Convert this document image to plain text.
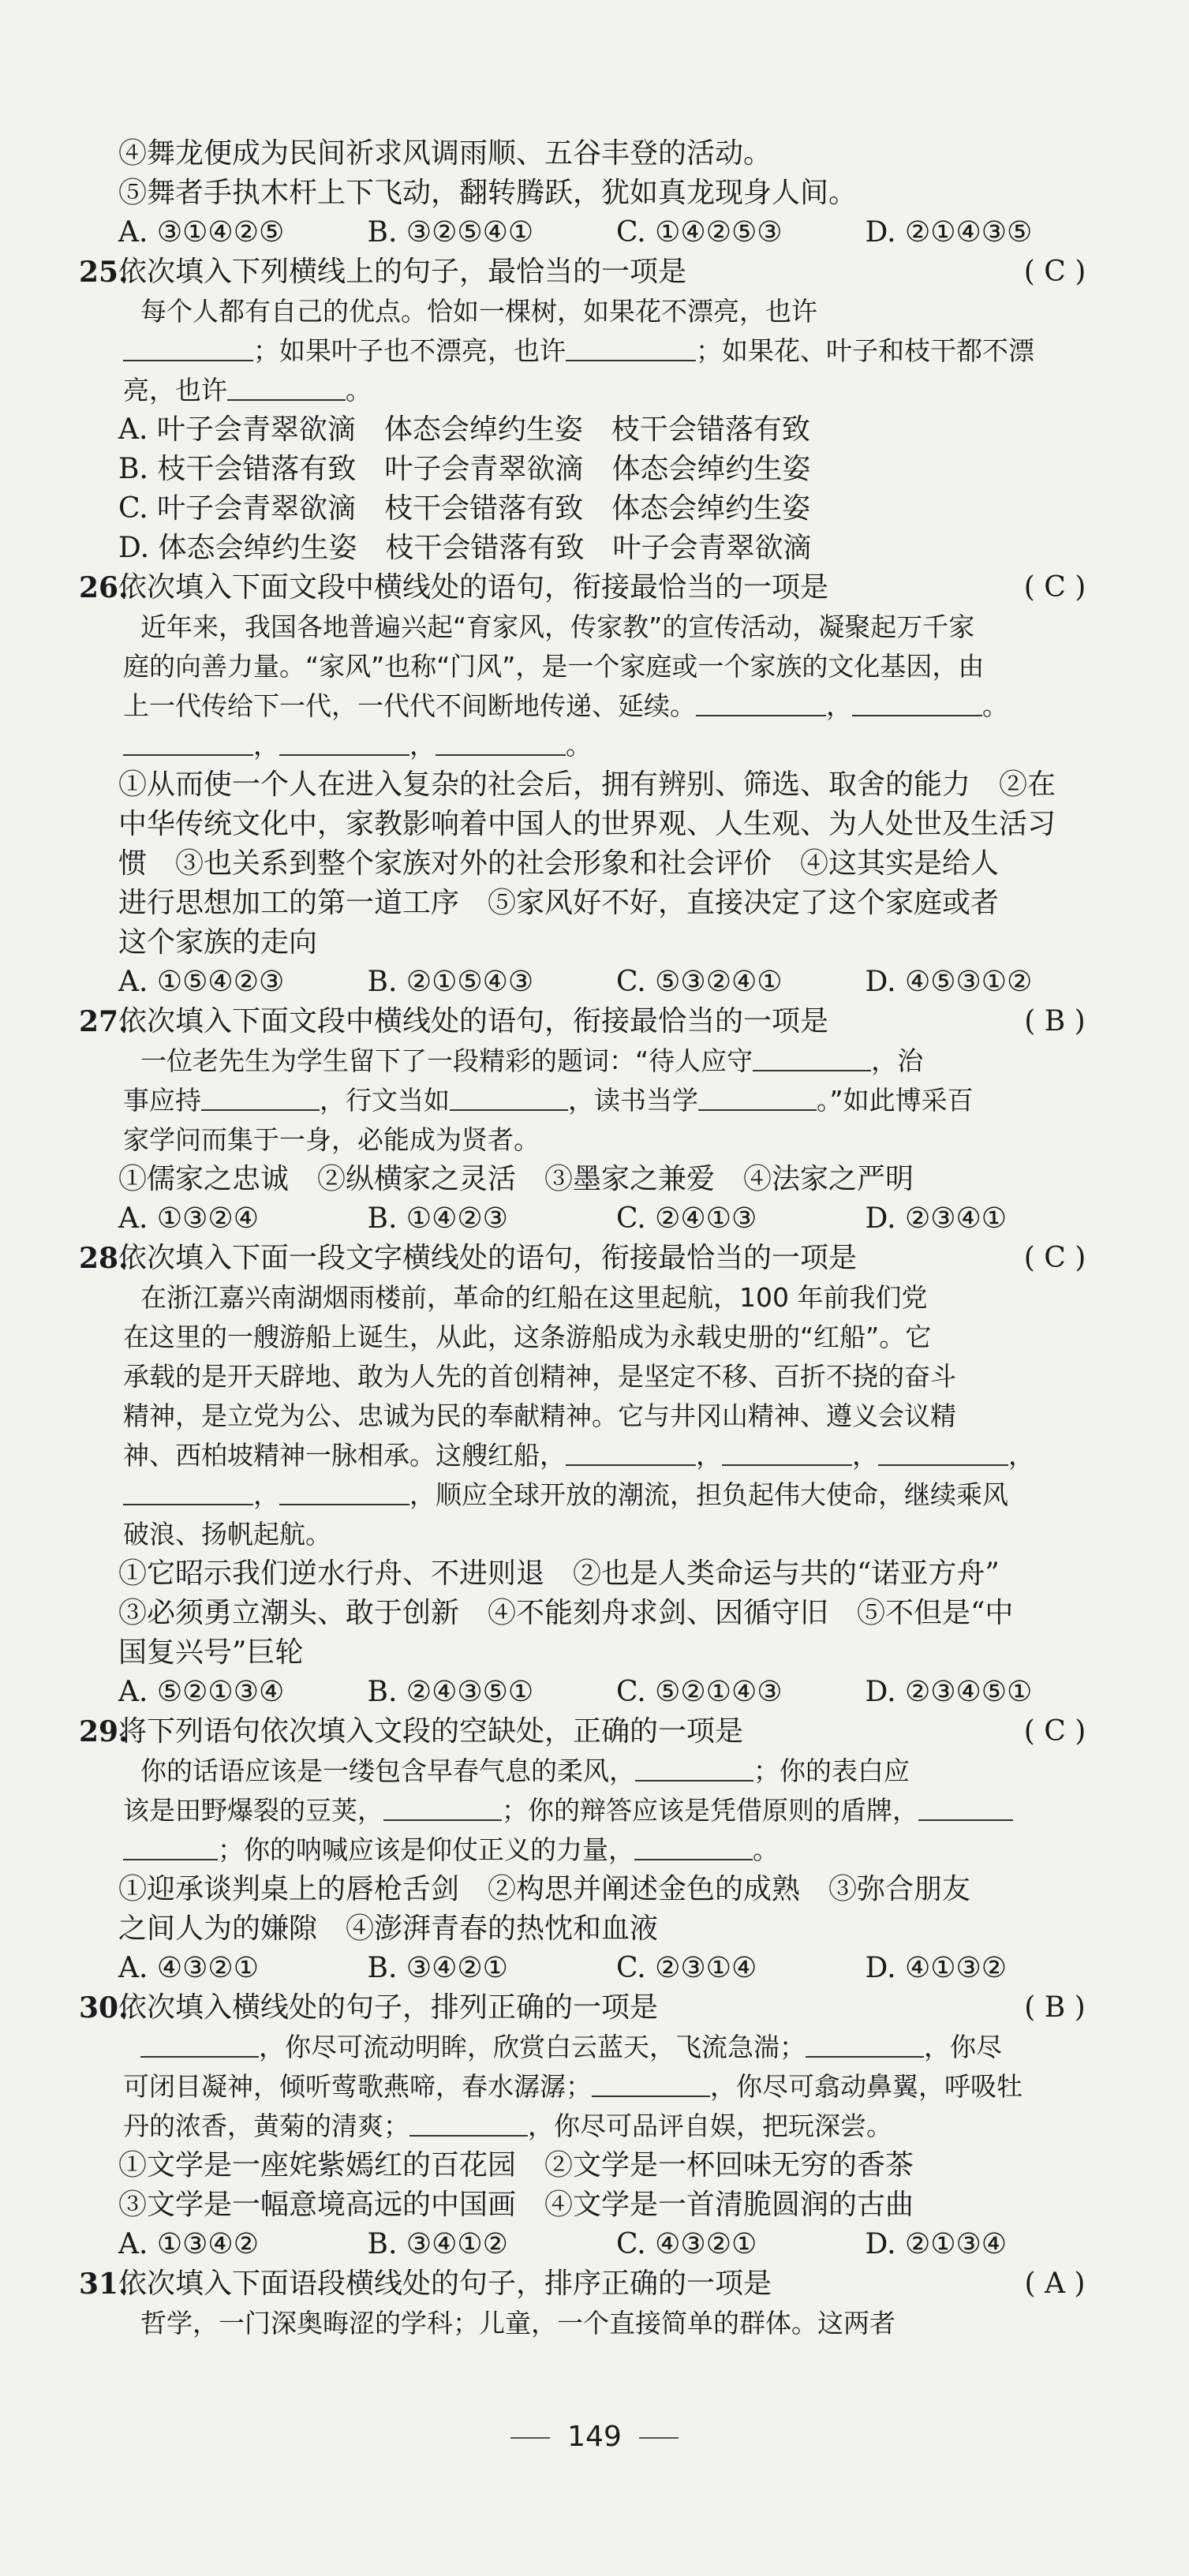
④舞龙便成为民间祈求风调雨顺、五谷丰登的活动。
⑤舞者手执木杆上下飞动，翻转腾跃，犹如真龙现身人间。
A. ③①④②⑤	B. ③②⑤④①	C. ①④②⑤③	D. ②①④③⑤
25.
依次填入下列横线上的句子，最恰当的一项是	( C )
每个人都有自己的优点。恰如一棵树，如果花不漂亮，也许
；如果叶子也不漂亮，也许	；如果花、叶子和枝干都不漂
亮，也许	。
A. 叶子会青翠欲滴　体态会绰约生姿　枝干会错落有致
B. 枝干会错落有致　叶子会青翠欲滴　体态会绰约生姿
C. 叶子会青翠欲滴　枝干会错落有致　体态会绰约生姿
D. 体态会绰约生姿　枝干会错落有致　叶子会青翠欲滴
26.
依次填入下面文段中横线处的语句，衔接最恰当的一项是	( C )
近年来，我国各地普遍兴起“育家风，传家教”的宣传活动，凝聚起万千家
庭的向善力量。“家风”也称“门风”，是一个家庭或一个家族的文化基因，由
上一代传给下一代，一代代不间断地传递、延续。	，	。
，	，	。
①从而使一个人在进入复杂的社会后，拥有辨别、筛选、取舍的能力　②在
中华传统文化中，家教影响着中国人的世界观、人生观、为人处世及生活习
惯　③也关系到整个家族对外的社会形象和社会评价　④这其实是给人
进行思想加工的第一道工序　⑤家风好不好，直接决定了这个家庭或者
这个家族的走向
A. ①⑤④②③	B. ②①⑤④③	C. ⑤③②④①	D. ④⑤③①②
27.
依次填入下面文段中横线处的语句，衔接最恰当的一项是	( B )
一位老先生为学生留下了一段精彩的题词：“待人应守	，治
事应持	，行文当如	，读书当学	。”如此博采百
家学问而集于一身，必能成为贤者。
①儒家之忠诚　②纵横家之灵活　③墨家之兼爱　④法家之严明
A. ①③②④	B. ①④②③	C. ②④①③	D. ②③④①
28.
依次填入下面一段文字横线处的语句，衔接最恰当的一项是	( C )
在浙江嘉兴南湖烟雨楼前，革命的红船在这里起航，100 年前我们党
在这里的一艘游船上诞生，从此，这条游船成为永载史册的“红船”。它
承载的是开天辟地、敢为人先的首创精神，是坚定不移、百折不挠的奋斗
精神，是立党为公、忠诚为民的奉献精神。它与井冈山精神、遵义会议精
神、西柏坡精神一脉相承。这艘红船，	，	，	，
，	，顺应全球开放的潮流，担负起伟大使命，继续乘风
破浪、扬帆起航。
①它昭示我们逆水行舟、不进则退　②也是人类命运与共的“诺亚方舟”
③必须勇立潮头、敢于创新　④不能刻舟求剑、因循守旧　⑤不但是“中
国复兴号”巨轮
A. ⑤②①③④	B. ②④③⑤①	C. ⑤②①④③	D. ②③④⑤①
29.
将下列语句依次填入文段的空缺处，正确的一项是	( C )
你的话语应该是一缕包含早春气息的柔风，	；你的表白应
该是田野爆裂的豆荚，	；你的辩答应该是凭借原则的盾牌，
；你的呐喊应该是仰仗正义的力量，	。
①迎承谈判桌上的唇枪舌剑　②构思并阐述金色的成熟　③弥合朋友
之间人为的嫌隙　④澎湃青春的热忱和血液
A. ④③②①	B. ③④②①	C. ②③①④	D. ④①③②
30.
依次填入横线处的句子，排列正确的一项是	( B )
，你尽可流动明眸，欣赏白云蓝天，飞流急湍；	，你尽
可闭目凝神，倾听莺歌燕啼，春水潺潺；	，你尽可翕动鼻翼，呼吸牡
丹的浓香，黄菊的清爽；	，你尽可品评自娱，把玩深尝。
①文学是一座姹紫嫣红的百花园　②文学是一杯回味无穷的香茶
③文学是一幅意境高远的中国画　④文学是一首清脆圆润的古曲
A. ①③④②	B. ③④①②	C. ④③②①	D. ②①③④
31.
依次填入下面语段横线处的句子，排序正确的一项是	( A )
哲学，一门深奥晦涩的学科；儿童，一个直接简单的群体。这两者
149
